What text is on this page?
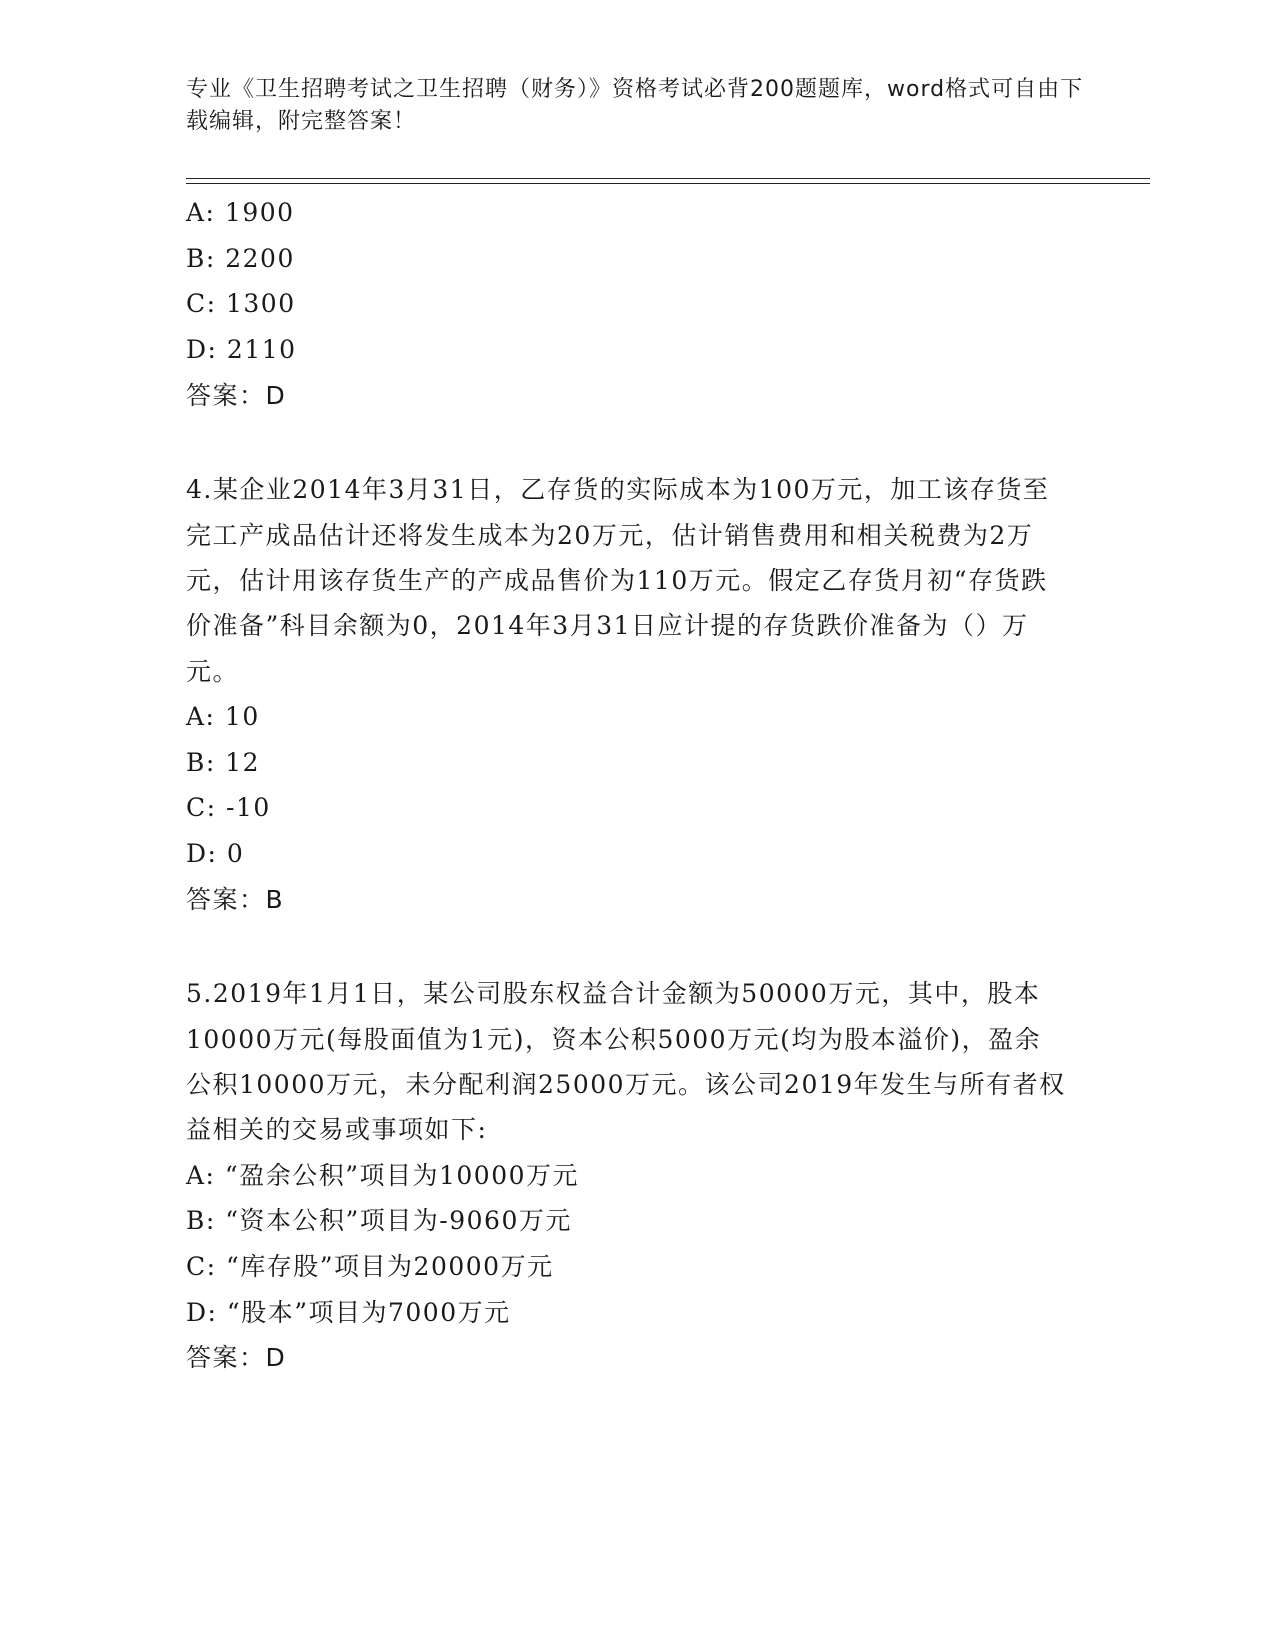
专业《卫生招聘考试之卫生招聘（财务）》资格考试必背200题题库，word格式可自由下载编辑，附完整答案！
A: 1900
B: 2200
C: 1300
D: 2110
答案：D
4.某企业2014年3月31日，乙存货的实际成本为100万元，加工该存货至完工产成品估计还将发生成本为20万元，估计销售费用和相关税费为2万元，估计用该存货生产的产成品售价为110万元。假定乙存货月初“存货跌价准备”科目余额为0，2014年3月31日应计提的存货跌价准备为（）万元。
A: 10
B: 12
C: -10
D: 0
答案：B
5.2019年1月1日，某公司股东权益合计金额为50000万元，其中，股本10000万元(每股面值为1元)，资本公积5000万元(均为股本溢价)，盈余公积10000万元，未分配利润25000万元。该公司2019年发生与所有者权益相关的交易或事项如下:
A: “盈余公积”项目为10000万元
B: “资本公积”项目为-9060万元
C: “库存股”项目为20000万元
D: “股本”项目为7000万元
答案：D
